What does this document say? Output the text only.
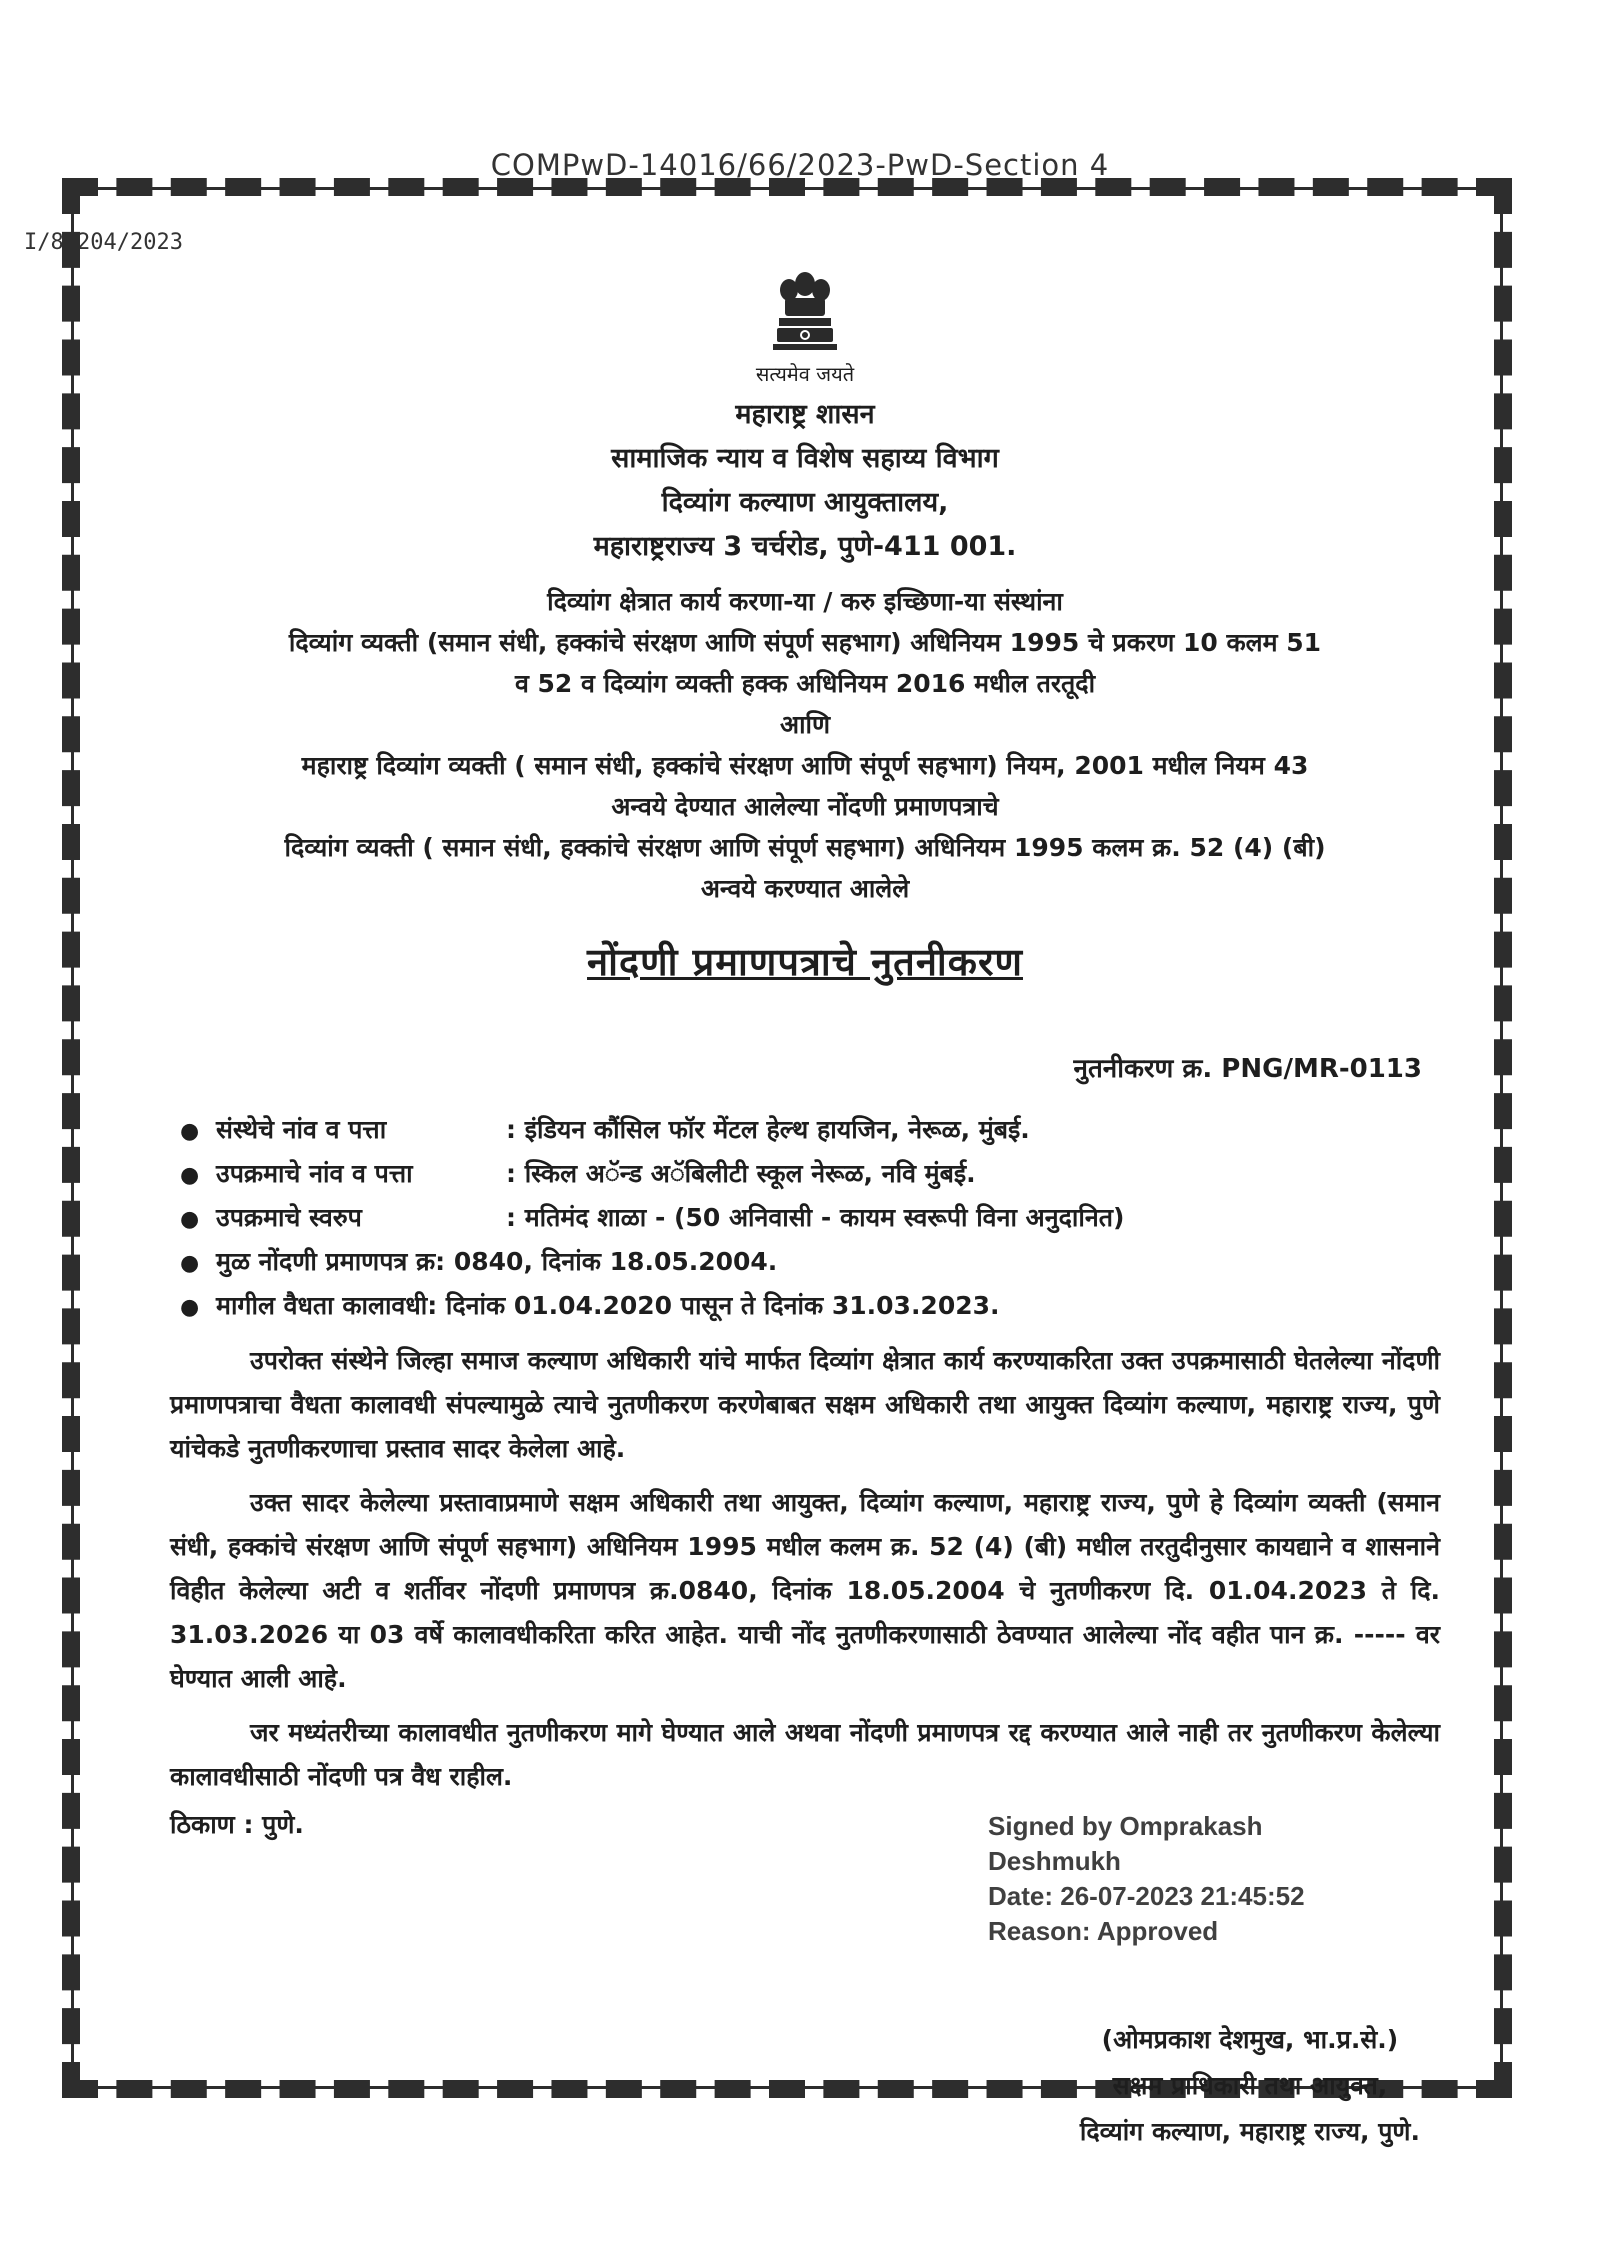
COMPwD-14016/66/2023-PwD-Section 4
I/85204/2023
सत्यमेव जयते
महाराष्ट्र शासन
सामाजिक न्याय व विशेष सहाय्य विभाग
दिव्यांग कल्याण आयुक्तालय,
महाराष्ट्रराज्य 3 चर्चरोड, पुणे-411 001.
दिव्यांग क्षेत्रात कार्य करणा-या / करु इच्छिणा-या संस्थांना
दिव्यांग व्यक्ती (समान संधी, हक्कांचे संरक्षण आणि संपूर्ण सहभाग) अधिनियम 1995 चे प्रकरण 10 कलम 51
व 52 व दिव्यांग व्यक्ती हक्क अधिनियम 2016 मधील तरतूदी
आणि
महाराष्ट्र दिव्यांग व्यक्ती ( समान संधी, हक्कांचे संरक्षण आणि संपूर्ण सहभाग) नियम, 2001 मधील नियम 43
अन्वये देण्यात आलेल्या नोंदणी प्रमाणपत्राचे
दिव्यांग व्यक्ती ( समान संधी, हक्कांचे संरक्षण आणि संपूर्ण सहभाग) अधिनियम 1995 कलम क्र. 52 (4) (बी)
अन्वये करण्यात आलेले
नोंदणी प्रमाणपत्राचे नुतनीकरण
नुतनीकरण क्र. PNG/MR-0113
● संस्थेचे नांव व पत्ता	: इंडियन कौंसिल फॉर मेंटल हेल्थ हायजिन, नेरूळ, मुंबई.
● उपक्रमाचे नांव व पत्ता	: स्किल अॅन्ड अॅबिलीटी स्कूल नेरूळ, नवि मुंबई.
● उपक्रमाचे स्वरुप	: मतिमंद शाळा - (50 अनिवासी - कायम स्वरूपी विना अनुदानित)
● मुळ नोंदणी प्रमाणपत्र क्र: 0840, दिनांक 18.05.2004.
● मागील वैधता कालावधी: दिनांक 01.04.2020 पासून ते दिनांक 31.03.2023.

उपरोक्त संस्थेने जिल्हा समाज कल्याण अधिकारी यांचे मार्फत दिव्यांग क्षेत्रात कार्य करण्याकरिता उक्त उपक्रमासाठी घेतलेल्या नोंदणी प्रमाणपत्राचा वैधता कालावधी संपल्यामुळे त्याचे नुतणीकरण करणेबाबत सक्षम अधिकारी तथा आयुक्त दिव्यांग कल्याण, महाराष्ट्र राज्य, पुणे यांचेकडे नुतणीकरणाचा प्रस्ताव सादर केलेला आहे.

उक्त सादर केलेल्या प्रस्तावाप्रमाणे सक्षम अधिकारी तथा आयुक्त, दिव्यांग कल्याण, महाराष्ट्र राज्य, पुणे हे दिव्यांग व्यक्ती (समान संधी, हक्कांचे संरक्षण आणि संपूर्ण सहभाग) अधिनियम 1995 मधील कलम क्र. 52 (4) (बी) मधील तरतुदीनुसार कायद्याने व शासनाने विहीत केलेल्या अटी व शर्तीवर नोंदणी प्रमाणपत्र क्र.0840, दिनांक 18.05.2004 चे नुतणीकरण दि. 01.04.2023 ते दि. 31.03.2026 या 03 वर्षे कालावधीकरिता करित आहेत. याची नोंद नुतणीकरणासाठी ठेवण्यात आलेल्या नोंद वहीत पान क्र. ----- वर घेण्यात आली आहे.

जर मध्यंतरीच्या कालावधीत नुतणीकरण मागे घेण्यात आले अथवा नोंदणी प्रमाणपत्र रद्द करण्यात आले नाही तर नुतणीकरण केलेल्या कालावधीसाठी नोंदणी पत्र वैध राहील.

ठिकाण : पुणे.	Signed by Omprakash
Deshmukh
Date: 26-07-2023 21:45:52
Reason: Approved
(ओमप्रकाश देशमुख, भा.प्र.से.)
सक्षम प्राधिकारी तथा आयुक्त,
दिव्यांग कल्याण, महाराष्ट्र राज्य, पुणे.
